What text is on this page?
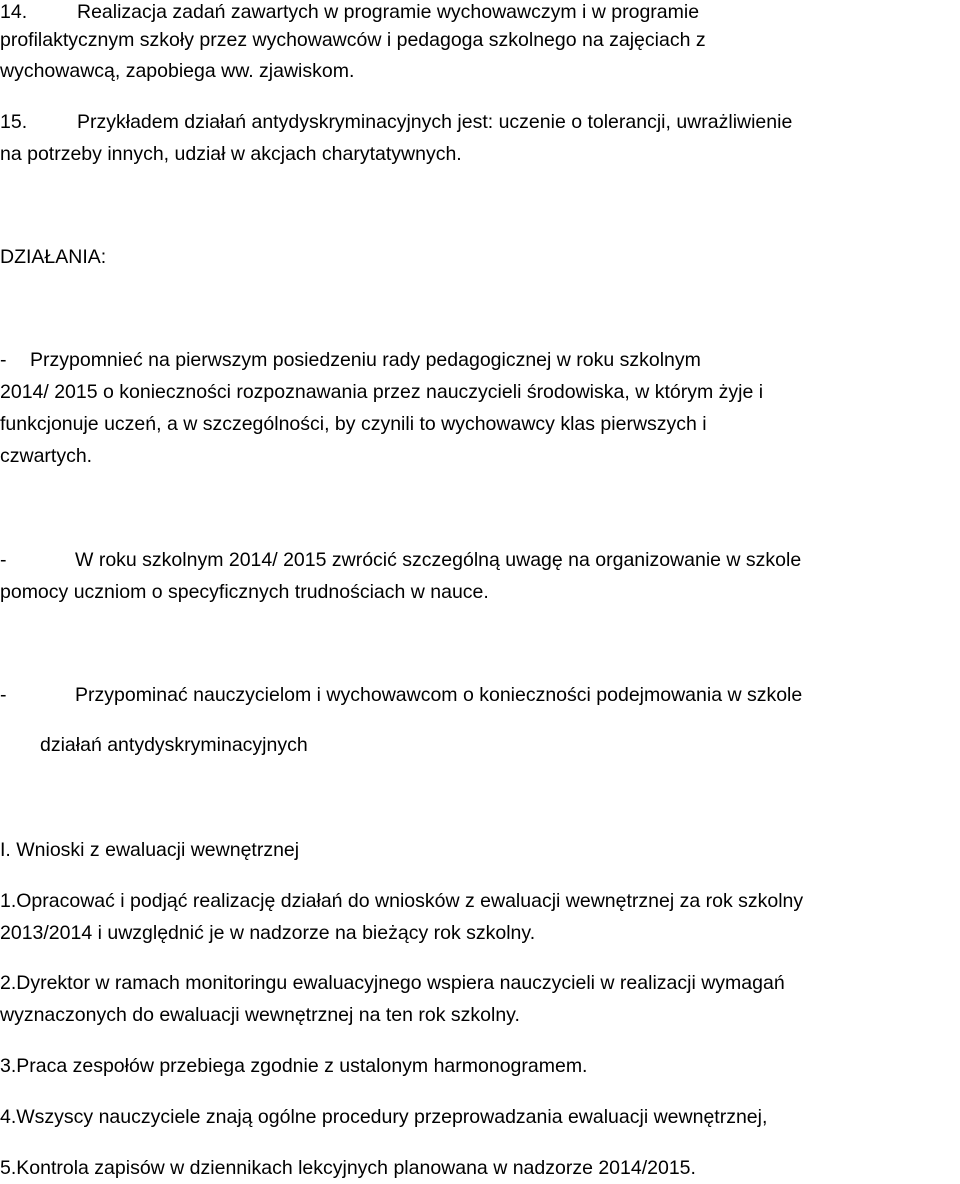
14.	Realizacja zadań zawartych w programie wychowawczym i w programie
profilaktycznym szkoły przez wychowawców i pedagoga szkolnego na zajęciach z
wychowawcą, zapobiega ww. zjawiskom.
15.	Przykładem działań antydyskryminacyjnych jest: uczenie o tolerancji, uwrażliwienie
na potrzeby innych, udział w akcjach charytatywnych.
DZIAŁANIA:
- Przypomnieć na pierwszym posiedzeniu rady pedagogicznej w roku szkolnym
2014/ 2015 o konieczności rozpoznawania przez nauczycieli środowiska, w którym żyje i
funkcjonuje uczeń, a w szczególności, by czynili to wychowawcy klas pierwszych i
czwartych.
-	W roku szkolnym 2014/ 2015 zwrócić szczególną uwagę na organizowanie w szkole
pomocy uczniom o specyficznych trudnościach w nauce.
-	Przypominać nauczycielom i wychowawcom o konieczności podejmowania w szkole
działań antydyskryminacyjnych
I. Wnioski z ewaluacji wewnętrznej
1.Opracować i podjąć realizację działań do wniosków z ewaluacji wewnętrznej za rok szkolny
2013/2014 i uwzględnić je w nadzorze na bieżący rok szkolny.
2.Dyrektor w ramach monitoringu ewaluacyjnego wspiera nauczycieli w realizacji wymagań
wyznaczonych do ewaluacji wewnętrznej na ten rok szkolny.
3.Praca zespołów przebiega zgodnie z ustalonym harmonogramem.
4.Wszyscy nauczyciele znają ogólne procedury przeprowadzania ewaluacji wewnętrznej,
5.Kontrola zapisów w dziennikach lekcyjnych planowana w nadzorze 2014/2015.
